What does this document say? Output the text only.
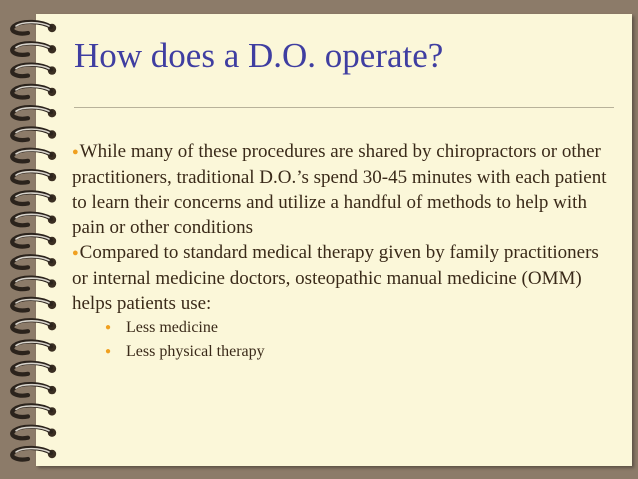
How does a D.O. operate?

●While many of these procedures are shared by chiropractors or other practitioners, traditional D.O.’s spend 30-45 minutes with each patient to learn their concerns and utilize a handful of methods to help with pain or other conditions

●Compared to standard medical therapy given by family practitioners or internal medicine doctors, osteopathic manual medicine (OMM) helps patients use:

● Less medicine
● Less physical therapy
